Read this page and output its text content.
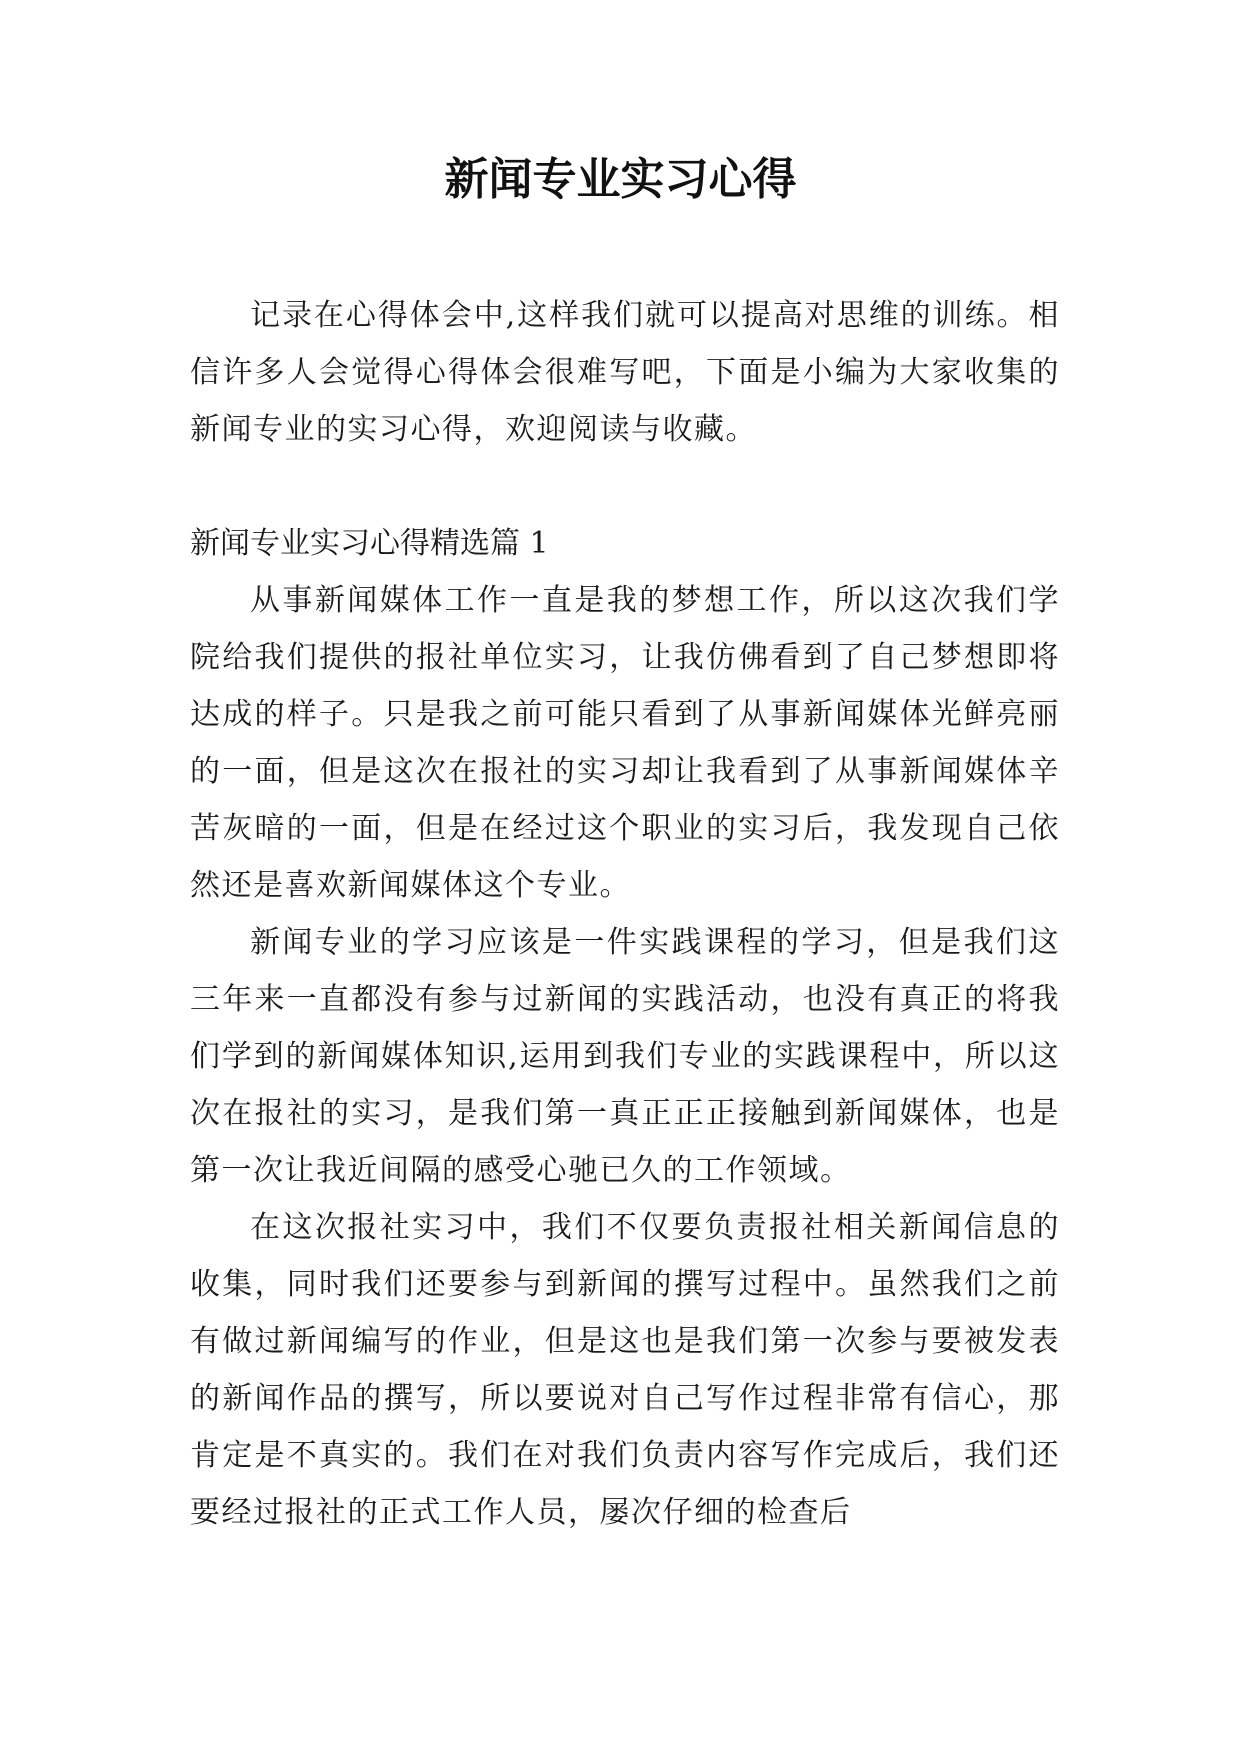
新闻专业实习心得

记录在心得体会中,这样我们就可以提高对思维的训练。相信许多人会觉得心得体会很难写吧，下面是小编为大家收集的新闻专业的实习心得，欢迎阅读与收藏。

新闻专业实习心得精选篇 1

从事新闻媒体工作一直是我的梦想工作，所以这次我们学院给我们提供的报社单位实习，让我仿佛看到了自己梦想即将达成的样子。只是我之前可能只看到了从事新闻媒体光鲜亮丽的一面，但是这次在报社的实习却让我看到了从事新闻媒体辛苦灰暗的一面，但是在经过这个职业的实习后，我发现自己依然还是喜欢新闻媒体这个专业。

新闻专业的学习应该是一件实践课程的学习，但是我们这三年来一直都没有参与过新闻的实践活动，也没有真正的将我们学到的新闻媒体知识,运用到我们专业的实践课程中，所以这次在报社的实习，是我们第一真正正正接触到新闻媒体，也是第一次让我近间隔的感受心驰已久的工作领域。

在这次报社实习中，我们不仅要负责报社相关新闻信息的收集，同时我们还要参与到新闻的撰写过程中。虽然我们之前有做过新闻编写的作业，但是这也是我们第一次参与要被发表的新闻作品的撰写，所以要说对自己写作过程非常有信心，那肯定是不真实的。我们在对我们负责内容写作完成后，我们还要经过报社的正式工作人员，屡次仔细的检查后
